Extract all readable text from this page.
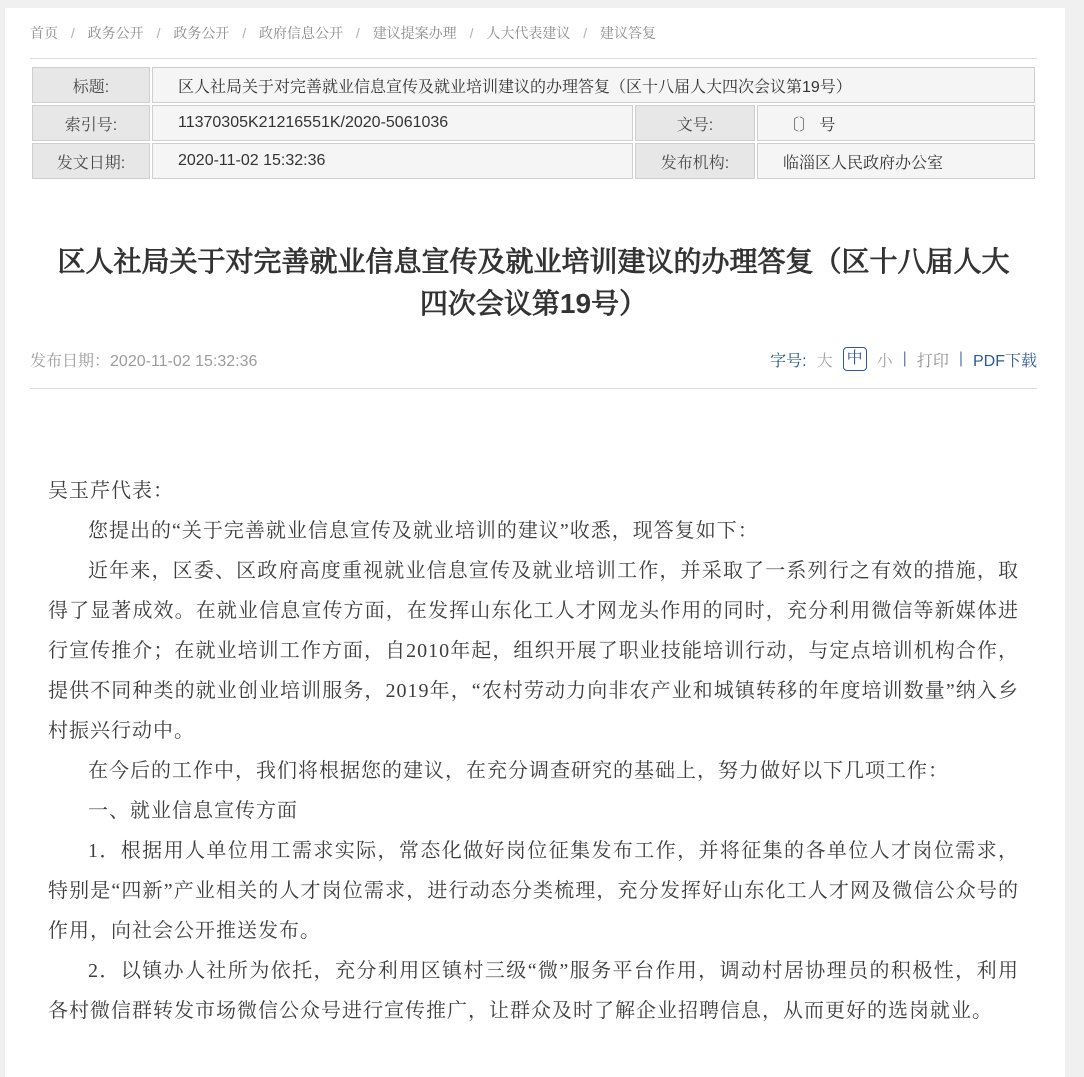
首页 / 政务公开 / 政务公开 / 政府信息公开 / 建议提案办理 / 人大代表建议 / 建议答复
标题:	区人社局关于对完善就业信息宣传及就业培训建议的办理答复（区十八届人大四次会议第19号）		
索引号:	11370305K21216551K/2020-5061036	文号:	〔〕 号
发文日期:	2020-11-02 15:32:36	发布机构:	临淄区人民政府办公室
区人社局关于对完善就业信息宣传及就业培训建议的办理答复（区十八届人大四次会议第19号）
发布日期：2020-11-02 15:32:36	字号: 大 中 小 | 打印 | PDF下载

吴玉芹代表：

您提出的“关于完善就业信息宣传及就业培训的建议”收悉，现答复如下：

近年来，区委、区政府高度重视就业信息宣传及就业培训工作，并采取了一系列行之有效的措施，取得了显著成效。在就业信息宣传方面，在发挥山东化工人才网龙头作用的同时，充分利用微信等新媒体进行宣传推介；在就业培训工作方面，自2010年起，组织开展了职业技能培训行动，与定点培训机构合作，提供不同种类的就业创业培训服务，2019年，“农村劳动力向非农产业和城镇转移的年度培训数量”纳入乡村振兴行动中。

在今后的工作中，我们将根据您的建议，在充分调查研究的基础上，努力做好以下几项工作：

一、就业信息宣传方面

1．根据用人单位用工需求实际，常态化做好岗位征集发布工作，并将征集的各单位人才岗位需求，特别是“四新”产业相关的人才岗位需求，进行动态分类梳理，充分发挥好山东化工人才网及微信公众号的作用，向社会公开推送发布。

2．以镇办人社所为依托，充分利用区镇村三级“微”服务平台作用，调动村居协理员的积极性，利用各村微信群转发市场微信公众号进行宣传推广，让群众及时了解企业招聘信息，从而更好的选岗就业。
